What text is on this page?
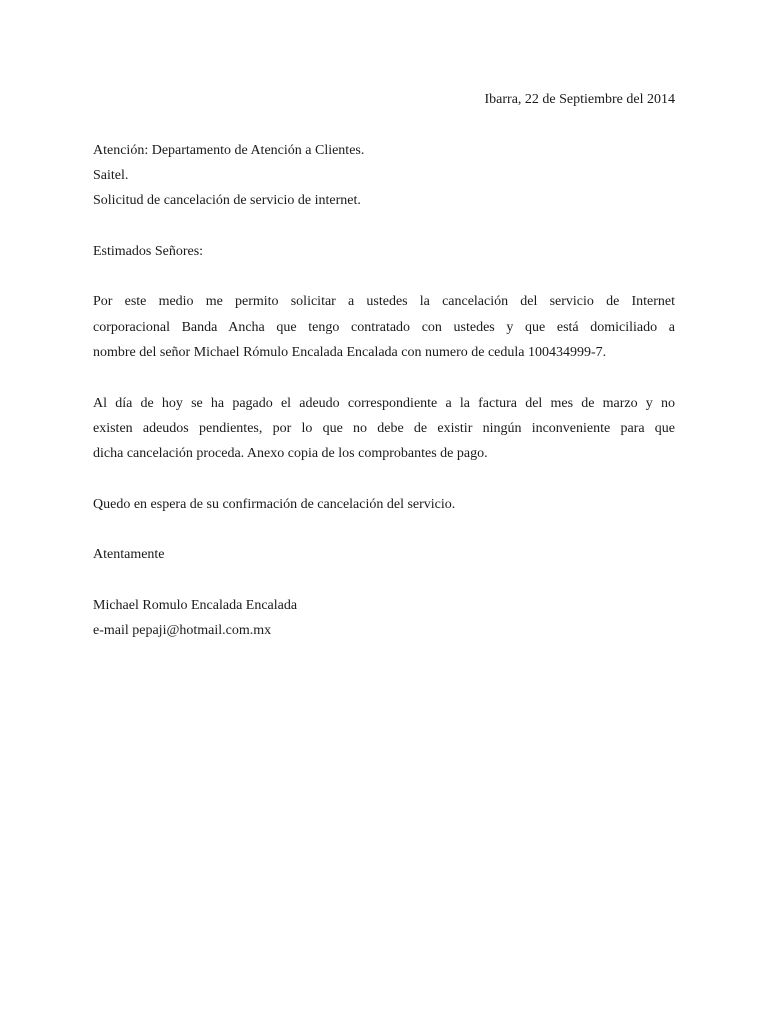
Ibarra, 22 de Septiembre del 2014
Atención: Departamento de Atención a Clientes.
Saitel.
Solicitud de cancelación de servicio de internet.
Estimados Señores:
Por este medio me permito solicitar a ustedes la cancelación del servicio de Internet
corporacional Banda Ancha que tengo contratado con ustedes y que está domiciliado a
nombre del señor Michael Rómulo Encalada Encalada con numero de cedula 100434999-7.
Al día de hoy se ha pagado el adeudo correspondiente a la factura del mes de marzo y no
existen adeudos pendientes, por lo que no debe de existir ningún inconveniente para que
dicha cancelación proceda. Anexo copia de los comprobantes de pago.
Quedo en espera de su confirmación de cancelación del servicio.
Atentamente
Michael Romulo Encalada Encalada
e-mail pepaji@hotmail.com.mx
